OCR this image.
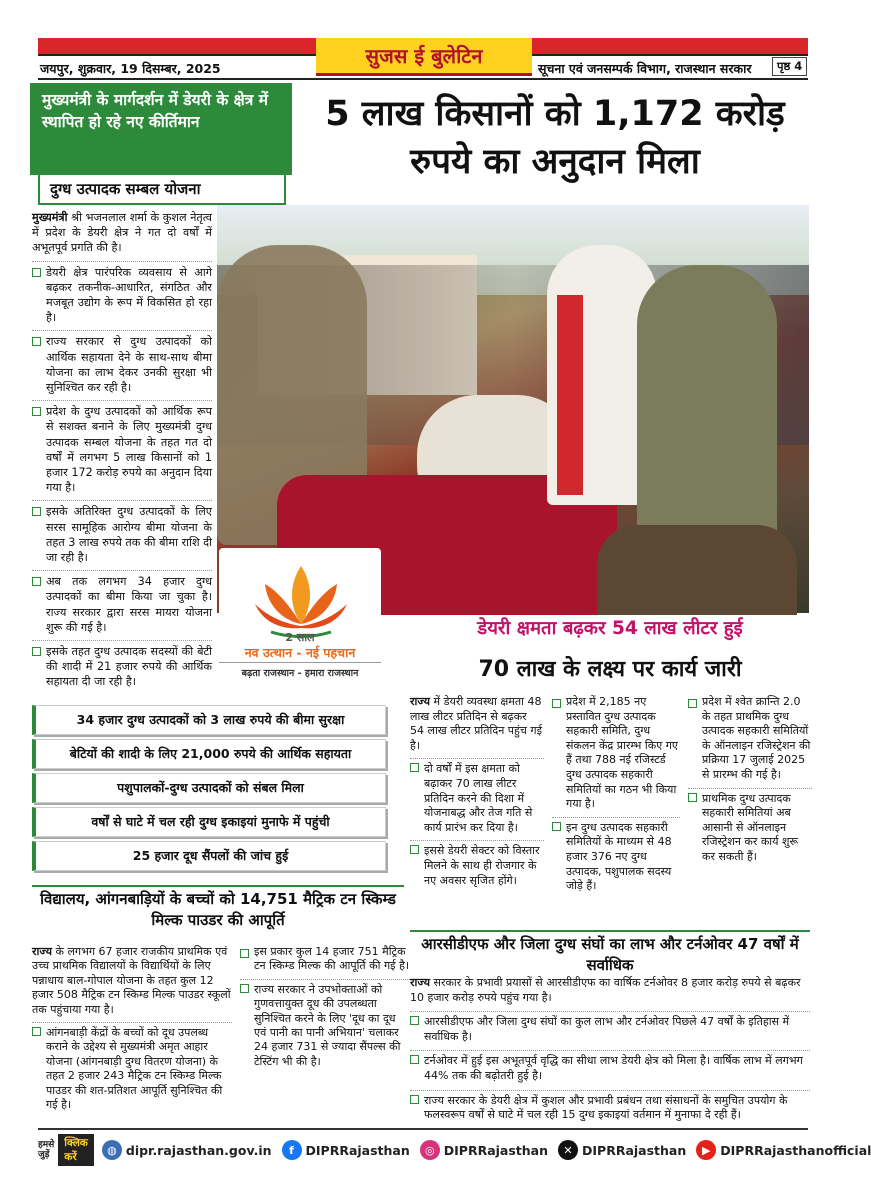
जयपुर, शुक्रवार, 19 दिसम्बर, 2025
सुजस ई बुलेटिन
सूचना एवं जनसम्पर्क विभाग, राजस्थान सरकार	पृष्ठ 4
मुख्यमंत्री के मार्गदर्शन में डेयरी के क्षेत्र में स्थापित हो रहे नए कीर्तिमान
दुग्ध उत्पादक सम्बल योजना
5 लाख किसानों को 1,172 करोड़ रुपये का अनुदान मिला
2 साल
नव उत्थान - नई पहचान
बढ़ता राजस्थान - हमारा राजस्थान

मुख्यमंत्री श्री भजनलाल शर्मा के कुशल नेतृत्व में प्रदेश के डेयरी क्षेत्र ने गत दो वर्षों में अभूतपूर्व प्रगति की है।

डेयरी क्षेत्र पारंपरिक व्यवसाय से आगे बढ़कर तकनीक-आधारित, संगठित और मजबूत उद्योग के रूप में विकसित हो रहा है।

राज्य सरकार से दुग्ध उत्पादकों को आर्थिक सहायता देने के साथ-साथ बीमा योजना का लाभ देकर उनकी सुरक्षा भी सुनिश्चित कर रही है।

प्रदेश के दुग्ध उत्पादकों को आर्थिक रूप से सशक्त बनाने के लिए मुख्यमंत्री दुग्ध उत्पादक सम्बल योजना के तहत गत दो वर्षों में लगभग 5 लाख किसानों को 1 हजार 172 करोड़ रुपये का अनुदान दिया गया है।

इसके अतिरिक्त दुग्ध उत्पादकों के लिए सरस सामूहिक आरोग्य बीमा योजना के तहत 3 लाख रुपये तक की बीमा राशि दी जा रही है।

अब तक लगभग 34 हजार दुग्ध उत्पादकों का बीमा किया जा चुका है। राज्य सरकार द्वारा सरस मायरा योजना शुरू की गई है।

इसके तहत दुग्ध उत्पादक सदस्यों की बेटी की शादी में 21 हजार रुपये की आर्थिक सहायता दी जा रही है।

34 हजार दुग्ध उत्पादकों को 3 लाख रुपये की बीमा सुरक्षा
बेटियों की शादी के लिए 21,000 रुपये की आर्थिक सहायता
पशुपालकों-दुग्ध उत्पादकों को संबल मिला
वर्षों से घाटे में चल रही दुग्ध इकाइयां मुनाफे में पहुंची
25 हजार दूध सैंपलों की जांच हुई
विद्यालय, आंगनबाड़ियों के बच्चों को 14,751 मैट्रिक टन स्किम्ड मिल्क पाउडर की आपूर्ति

राज्य के लगभग 67 हजार राजकीय प्राथमिक एवं उच्च प्राथमिक विद्यालयों के विद्यार्थियों के लिए पन्नाधाय बाल-गोपाल योजना के तहत कुल 12 हजार 508 मैट्रिक टन स्किम्ड मिल्क पाउडर स्कूलों तक पहुंचाया गया है।

आंगनबाड़ी केंद्रों के बच्चों को दूध उपलब्ध कराने के उद्देश्य से मुख्यमंत्री अमृत आहार योजना (आंगनबाड़ी दुग्ध वितरण योजना) के तहत 2 हजार 243 मैट्रिक टन स्किम्ड मिल्क पाउडर की शत-प्रतिशत आपूर्ति सुनिश्चित की गई है।

इस प्रकार कुल 14 हजार 751 मैट्रिक टन स्किम्ड मिल्क की आपूर्ति की गई है।

राज्य सरकार ने उपभोक्ताओं को गुणवत्तायुक्त दूध की उपलब्धता सुनिश्चित करने के लिए 'दूध का दूध एवं पानी का पानी अभियान' चलाकर 24 हजार 731 से ज्यादा सैंपल्स की टेस्टिंग भी की है।

डेयरी क्षमता बढ़कर 54 लाख लीटर हुई
70 लाख के लक्ष्य पर कार्य जारी

राज्य में डेयरी व्यवस्था क्षमता 48 लाख लीटर प्रतिदिन से बढ़कर 54 लाख लीटर प्रतिदिन पहुंच गई है।

दो वर्षों में इस क्षमता को बढ़ाकर 70 लाख लीटर प्रतिदिन करने की दिशा में योजनाबद्ध और तेज गति से कार्य प्रारंभ कर दिया है।

इससे डेयरी सेक्टर को विस्तार मिलने के साथ ही रोजगार के नए अवसर सृजित होंगे।

प्रदेश में 2,185 नए प्रस्तावित दुग्ध उत्पादक सहकारी समिति, दुग्ध संकलन केंद्र प्रारम्भ किए गए हैं तथा 788 नई रजिस्टर्ड दुग्ध उत्पादक सहकारी समितियों का गठन भी किया गया है।

इन दुग्ध उत्पादक सहकारी समितियों के माध्यम से 48 हजार 376 नए दुग्ध उत्पादक, पशुपालक सदस्य जोड़े हैं।

प्रदेश में श्वेत क्रान्ति 2.0 के तहत प्राथमिक दुग्ध उत्पादक सहकारी समितियों के ऑनलाइन रजिस्ट्रेशन की प्रक्रिया 17 जुलाई 2025 से प्रारम्भ की गई है।

प्राथमिक दुग्ध उत्पादक सहकारी समितियां अब आसानी से ऑनलाइन रजिस्ट्रेशन कर कार्य शुरू कर सकती हैं।

आरसीडीएफ और जिला दुग्ध संघों का लाभ और टर्नओवर 47 वर्षों में सर्वाधिक

राज्य सरकार के प्रभावी प्रयासों से आरसीडीएफ का वार्षिक टर्नओवर 8 हजार करोड़ रुपये से बढ़कर 10 हजार करोड़ रुपये पहुंच गया है।

आरसीडीएफ और जिला दुग्ध संघों का कुल लाभ और टर्नओवर पिछले 47 वर्षों के इतिहास में सर्वाधिक है।

टर्नओवर में हुई इस अभूतपूर्व वृद्धि का सीधा लाभ डेयरी क्षेत्र को मिला है। वार्षिक लाभ में लगभग 44% तक की बढ़ोतरी हुई है।

राज्य सरकार के डेयरी क्षेत्र में कुशल और प्रभावी प्रबंधन तथा संसाधनों के समुचित उपयोग के फलस्वरूप वर्षों से घाटे में चल रही 15 दुग्ध इकाइयां वर्तमान में मुनाफा दे रही हैं।

हमसे जुड़ें
क्लिक करें
◍ dipr.rajasthan.gov.in	f DIPRRajasthan	◎ DIPRRajasthan	✕ DIPRRajasthan	▶ DIPRRajasthanofficial
